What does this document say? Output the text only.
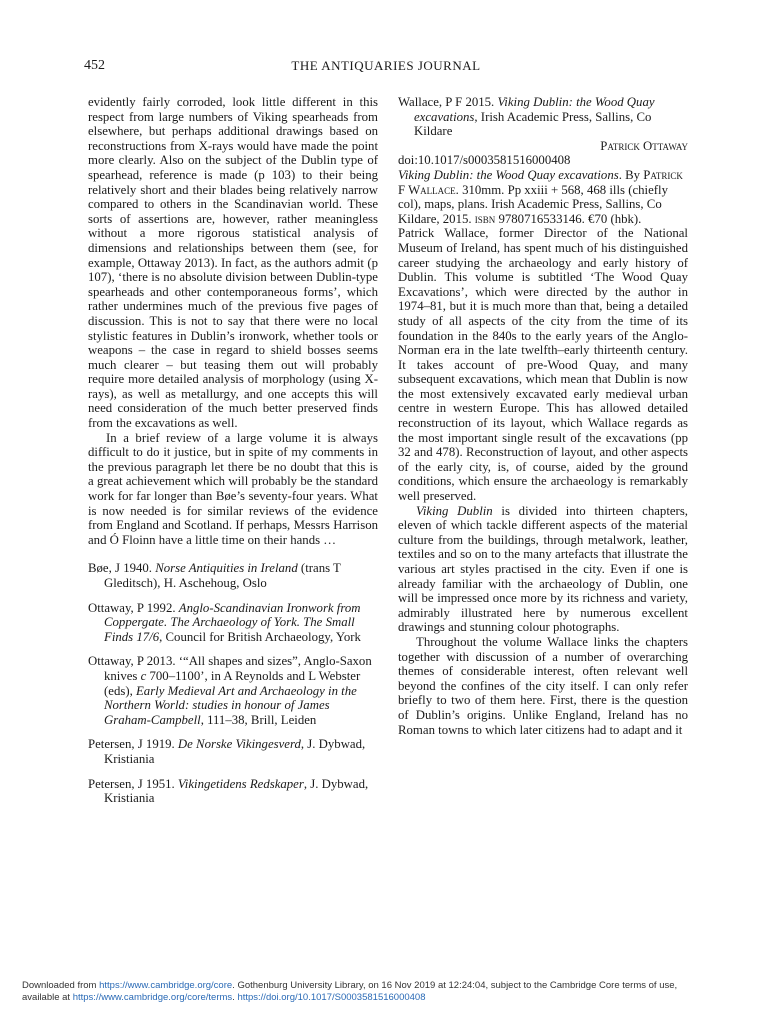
452	THE ANTIQUARIES JOURNAL

evidently fairly corroded, look little different in this respect from large numbers of Viking spearheads from elsewhere, but perhaps additional drawings based on reconstructions from X-rays would have made the point more clearly. Also on the subject of the Dublin type of spearhead, reference is made (p 103) to their being relatively short and their blades being relatively narrow compared to others in the Scandinavian world. These sorts of assertions are, however, rather meaningless without a more rigorous statistical analysis of dimensions and relationships between them (see, for example, Ottaway 2013). In fact, as the authors admit (p 107), ‘there is no absolute division between Dublin-type spearheads and other contemporaneous forms’, which rather undermines much of the previous five pages of discussion. This is not to say that there were no local stylistic features in Dublin’s ironwork, whether tools or weapons – the case in regard to shield bosses seems much clearer – but teasing them out will probably require more detailed analysis of morphology (using X-rays), as well as metallurgy, and one accepts this will need consideration of the much better preserved finds from the excavations as well.

In a brief review of a large volume it is always difficult to do it justice, but in spite of my comments in the previous paragraph let there be no doubt that this is a great achievement which will probably be the standard work for far longer than Bøe’s seventy-four years. What is now needed is for similar reviews of the evidence from England and Scotland. If perhaps, Messrs Harrison and Ó Floinn have a little time on their hands …

Bøe, J 1940. Norse Antiquities in Ireland (trans T Gleditsch), H. Aschehoug, Oslo

Ottaway, P 1992. Anglo-Scandinavian Ironwork from Coppergate. The Archaeology of York. The Small Finds 17/6, Council for British Archaeology, York

Ottaway, P 2013. ‘“All shapes and sizes”, Anglo-Saxon knives c 700–1100’, in A Reynolds and L Webster (eds), Early Medieval Art and Archaeology in the Northern World: studies in honour of James Graham-Campbell, 111–38, Brill, Leiden

Petersen, J 1919. De Norske Vikingesverd, J. Dybwad, Kristiania

Petersen, J 1951. Vikingetidens Redskaper, J. Dybwad, Kristiania

Wallace, P F 2015. Viking Dublin: the Wood Quay excavations, Irish Academic Press, Sallins, Co Kildare

Patrick Ottaway

doi:10.1017/s0003581516000408

Viking Dublin: the Wood Quay excavations. By Patrick F Wallace. 310mm. Pp xxiii + 568, 468 ills (chiefly col), maps, plans. Irish Academic Press, Sallins, Co Kildare, 2015. isbn 9780716533146. €70 (hbk).

Patrick Wallace, former Director of the National Museum of Ireland, has spent much of his distinguished career studying the archaeology and early history of Dublin. This volume is subtitled ‘The Wood Quay Excavations’, which were directed by the author in 1974–81, but it is much more than that, being a detailed study of all aspects of the city from the time of its foundation in the 840s to the early years of the Anglo-Norman era in the late twelfth–early thirteenth century. It takes account of pre-Wood Quay, and many subsequent excavations, which mean that Dublin is now the most extensively excavated early medieval urban centre in western Europe. This has allowed detailed reconstruction of its layout, which Wallace regards as the most important single result of the excavations (pp 32 and 478). Reconstruction of layout, and other aspects of the early city, is, of course, aided by the ground conditions, which ensure the archaeology is remarkably well preserved.

Viking Dublin is divided into thirteen chapters, eleven of which tackle different aspects of the material culture from the buildings, through metalwork, leather, textiles and so on to the many artefacts that illustrate the various art styles practised in the city. Even if one is already familiar with the archaeology of Dublin, one will be impressed once more by its richness and variety, admirably illustrated here by numerous excellent drawings and stunning colour photographs.

Throughout the volume Wallace links the chapters together with discussion of a number of overarching themes of considerable interest, often relevant well beyond the confines of the city itself. I can only refer briefly to two of them here. First, there is the question of Dublin’s origins. Unlike England, Ireland has no Roman towns to which later citizens had to adapt and it

Downloaded from https://www.cambridge.org/core. Gothenburg University Library, on 16 Nov 2019 at 12:24:04, subject to the Cambridge Core terms of use,
available at https://www.cambridge.org/core/terms. https://doi.org/10.1017/S0003581516000408
